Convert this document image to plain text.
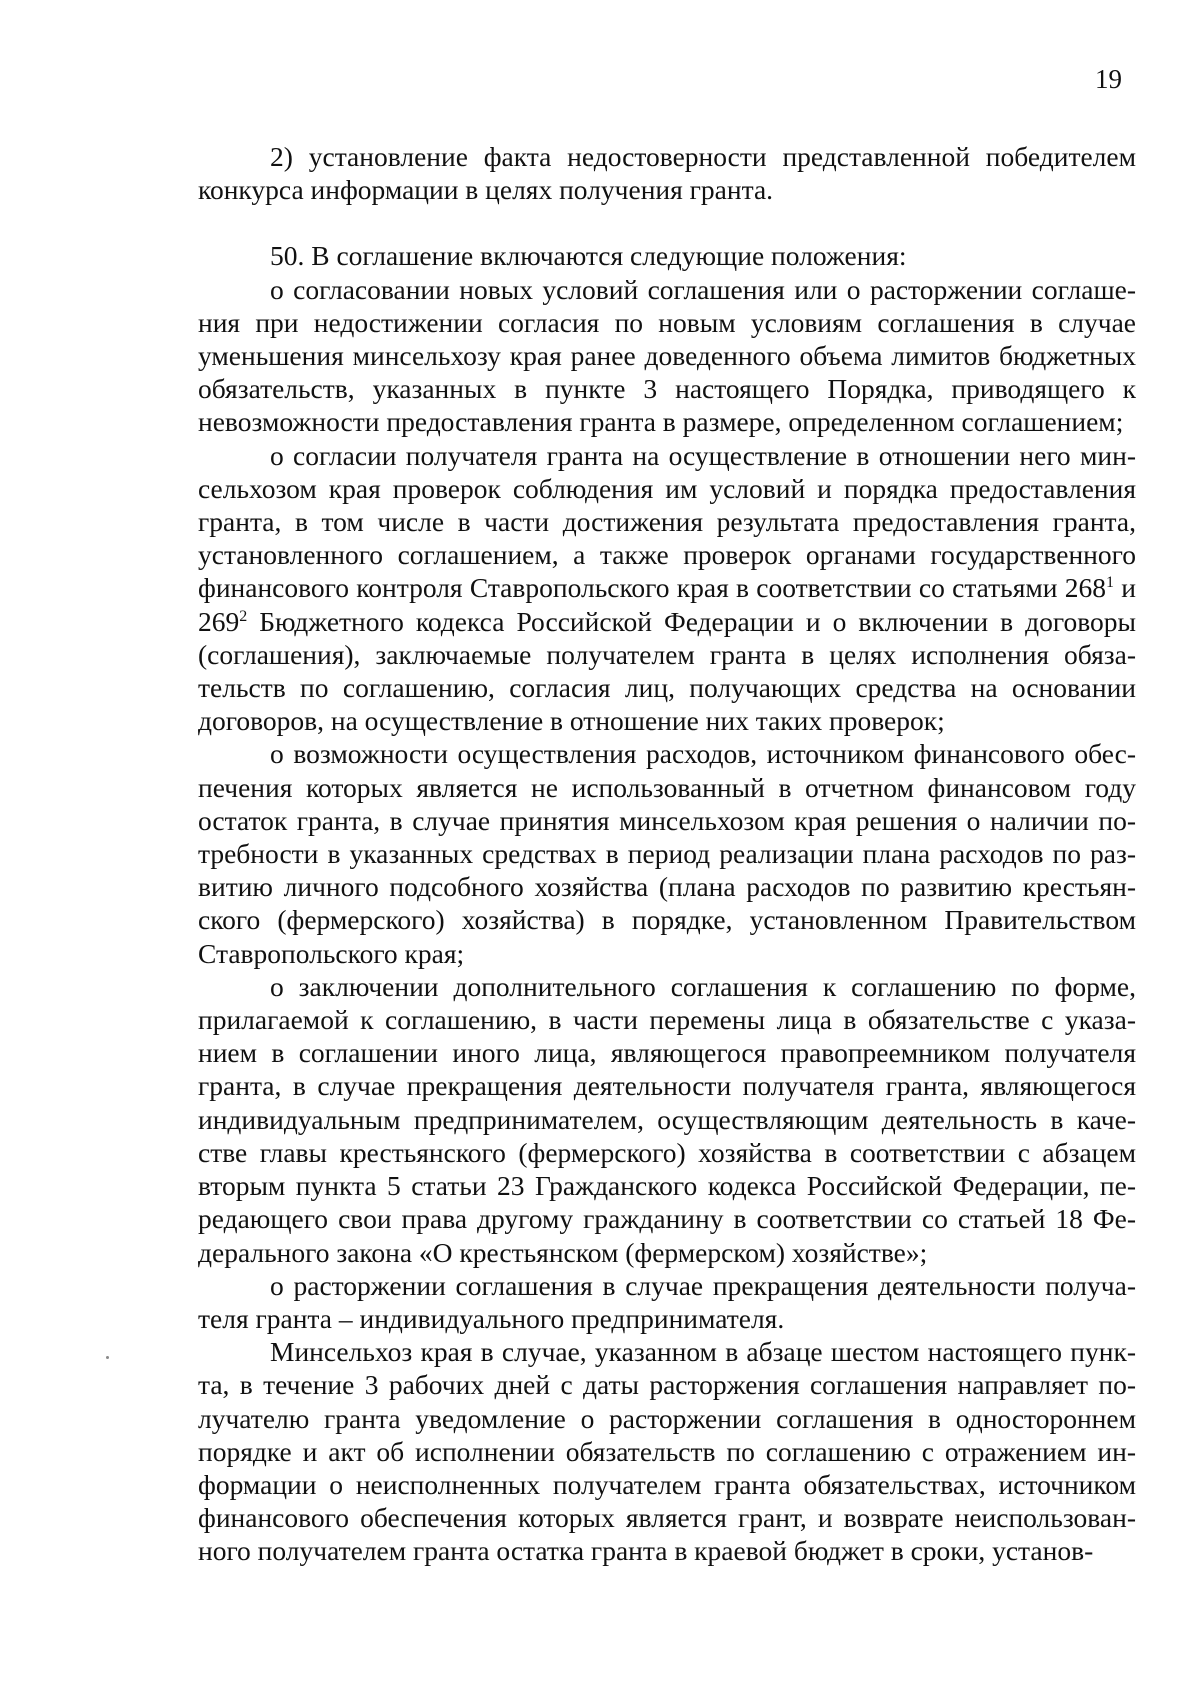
19

2) установление факта недостоверности представленной победителем конкурса информации в целях получения гранта.

50. В соглашение включаются следующие положения:

о согласовании новых условий соглашения или о расторжении соглашения при недостижении согласия по новым условиям соглашения в случае уменьшения минсельхозу края ранее доведенного объема лимитов бюджетных обязательств, указанных в пункте 3 настоящего Порядка, приводящего к невозможности предоставления гранта в размере, определенном соглашением;

о согласии получателя гранта на осуществление в отношении него минсельхозом края проверок соблюдения им условий и порядка предоставления гранта, в том числе в части достижения результата предоставления гранта, установленного соглашением, а также проверок органами государственного финансового контроля Ставропольского края в соответствии со статьями $268^1$ и $269^2$ Бюджетного кодекса Российской Федерации и о включении в договоры (соглашения), заключаемые получателем гранта в целях исполнения обязательств по соглашению, согласия лиц, получающих средства на основании договоров, на осуществление в отношение них таких проверок;

о возможности осуществления расходов, источником финансового обеспечения которых является не использованный в отчетном финансовом году остаток гранта, в случае принятия минсельхозом края решения о наличии потребности в указанных средствах в период реализации плана расходов по развитию личного подсобного хозяйства (плана расходов по развитию крестьянского (фермерского) хозяйства) в порядке, установленном Правительством Ставропольского края;

о заключении дополнительного соглашения к соглашению по форме, прилагаемой к соглашению, в части перемены лица в обязательстве с указанием в соглашении иного лица, являющегося правопреемником получателя гранта, в случае прекращения деятельности получателя гранта, являющегося индивидуальным предпринимателем, осуществляющим деятельность в качестве главы крестьянского (фермерского) хозяйства в соответствии с абзацем вторым пункта 5 статьи 23 Гражданского кодекса Российской Федерации, передающего свои права другому гражданину в соответствии со статьей 18 Федерального закона «О крестьянском (фермерском) хозяйстве»;

о расторжении соглашения в случае прекращения деятельности получателя гранта – индивидуального предпринимателя.

Минсельхоз края в случае, указанном в абзаце шестом настоящего пункта, в течение 3 рабочих дней с даты расторжения соглашения направляет получателю гранта уведомление о расторжении соглашения в одностороннем порядке и акт об исполнении обязательств по соглашению с отражением информации о неисполненных получателем гранта обязательствах, источником финансового обеспечения которых является грант, и возврате неиспользованного получателем гранта остатка гранта в краевой бюджет в сроки, установ-
